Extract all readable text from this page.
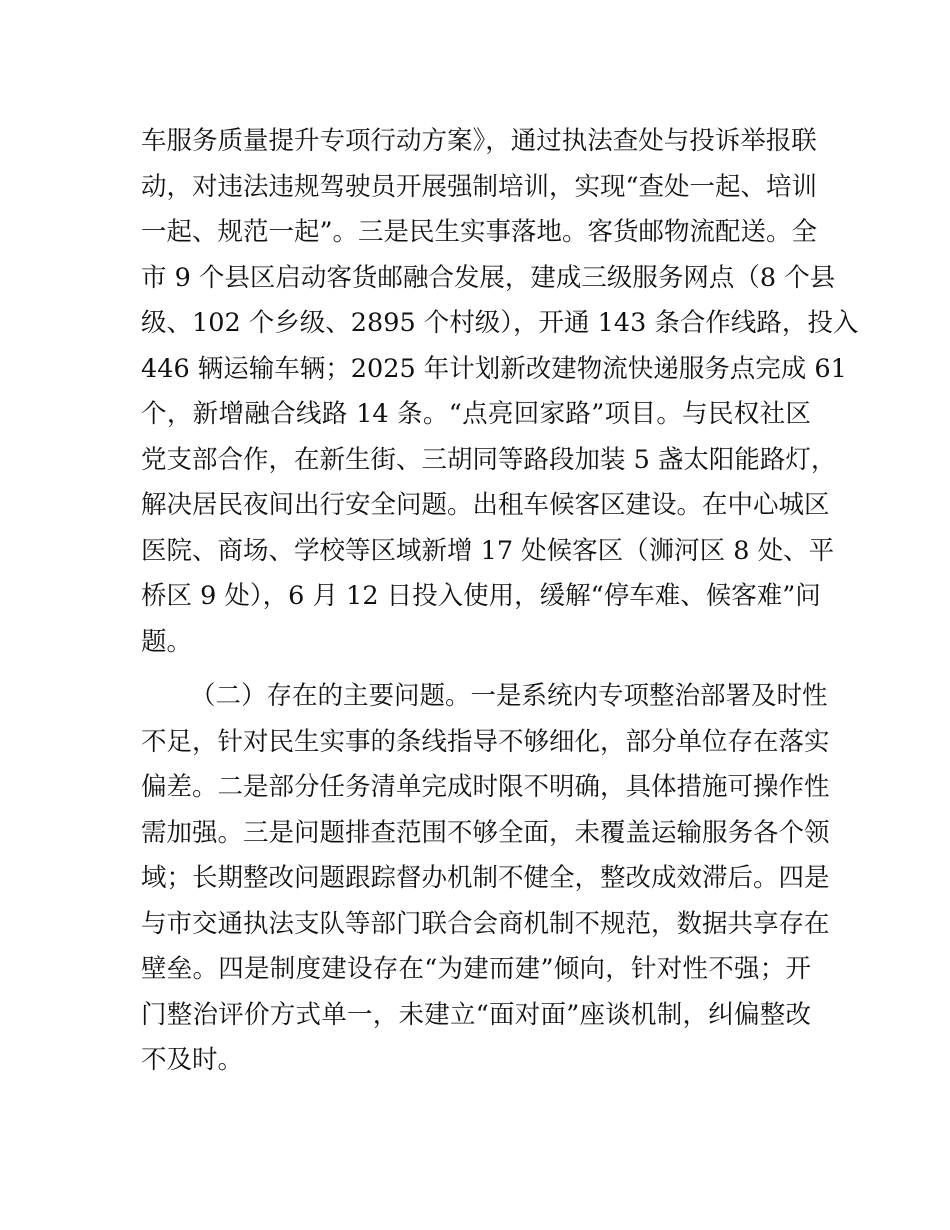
车服务质量提升专项行动方案》，通过执法查处与投诉举报联
动，对违法违规驾驶员开展强制培训，实现“查处一起、培训
一起、规范一起”。三是民生实事落地。客货邮物流配送。全
市 9 个县区启动客货邮融合发展，建成三级服务网点（8 个县
级、102 个乡级、2895 个村级），开通 143 条合作线路，投入
446 辆运输车辆；2025 年计划新改建物流快递服务点完成 61
个，新增融合线路 14 条。“点亮回家路”项目。与民权社区
党支部合作，在新生街、三胡同等路段加装 5 盏太阳能路灯，
解决居民夜间出行安全问题。出租车候客区建设。在中心城区
医院、商场、学校等区域新增 17 处候客区（浉河区 8 处、平
桥区 9 处），6 月 12 日投入使用，缓解“停车难、候客难”问
题。
（二）存在的主要问题。一是系统内专项整治部署及时性
不足，针对民生实事的条线指导不够细化，部分单位存在落实
偏差。二是部分任务清单完成时限不明确，具体措施可操作性
需加强。三是问题排查范围不够全面，未覆盖运输服务各个领
域；长期整改问题跟踪督办机制不健全，整改成效滞后。四是
与市交通执法支队等部门联合会商机制不规范，数据共享存在
壁垒。四是制度建设存在“为建而建”倾向，针对性不强；开
门整治评价方式单一，未建立“面对面”座谈机制，纠偏整改
不及时。
